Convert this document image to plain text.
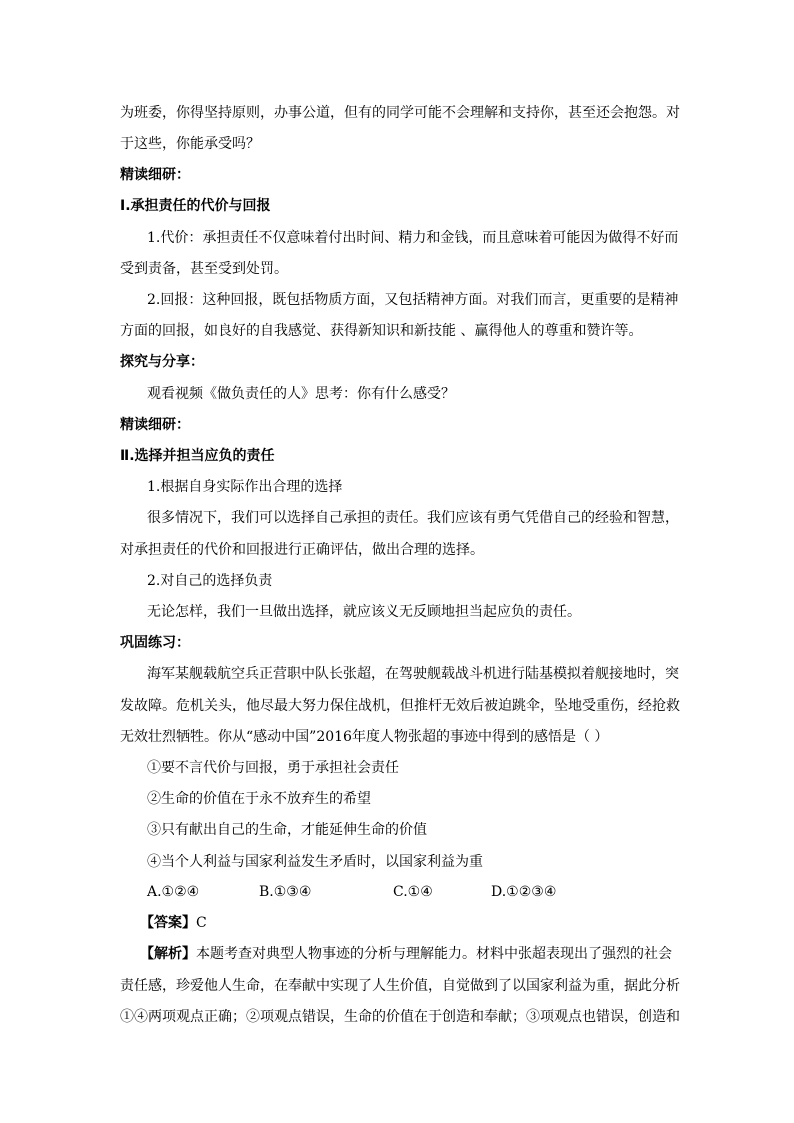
为班委，你得坚持原则，办事公道，但有的同学可能不会理解和支持你，甚至还会抱怨。对
于这些，你能承受吗？
精读细研：
Ⅰ.承担责任的代价与回报
1.代价：承担责任不仅意味着付出时间、精力和金钱，而且意味着可能因为做得不好而
受到责备，甚至受到处罚。
2.回报：这种回报，既包括物质方面，又包括精神方面。对我们而言，更重要的是精神
方面的回报，如良好的自我感觉、获得新知识和新技能 、赢得他人的尊重和赞许等。
探究与分享：
观看视频《做负责任的人》思考：你有什么感受？
精读细研：
Ⅱ.选择并担当应负的责任
1.根据自身实际作出合理的选择
很多情况下，我们可以选择自己承担的责任。我们应该有勇气凭借自己的经验和智慧，
对承担责任的代价和回报进行正确评估，做出合理的选择。
2.对自己的选择负责
无论怎样，我们一旦做出选择，就应该义无反顾地担当起应负的责任。
巩固练习：
海军某舰载航空兵正营职中队长张超，在驾驶舰载战斗机进行陆基模拟着舰接地时，突
发故障。危机关头，他尽最大努力保住战机，但推杆无效后被迫跳伞，坠地受重伤，经抢救
无效壮烈牺牲。你从“感动中国”2016年度人物张超的事迹中得到的感悟是（ ）
①要不言代价与回报，勇于承担社会责任
②生命的价值在于永不放弃生的希望
③只有献出自己的生命，才能延伸生命的价值
④当个人利益与国家利益发生矛盾时，以国家利益为重
A.①②④	B.①③④	C.①④	D.①②③④
【答案】C
【解析】本题考查对典型人物事迹的分析与理解能力。材料中张超表现出了强烈的社会
责任感，珍爱他人生命，在奉献中实现了人生价值，自觉做到了以国家利益为重，据此分析
①④两项观点正确；②项观点错误，生命的价值在于创造和奉献；③项观点也错误，创造和
